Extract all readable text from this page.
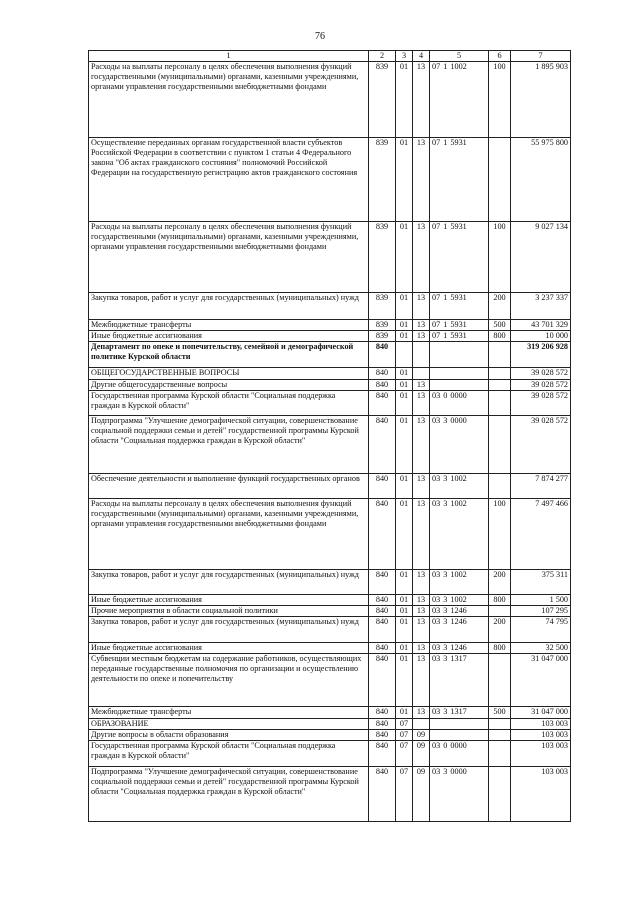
76
1	2	3	4	5	6	7
Расходы на выплаты персоналу в целях обеспечения выполнения функций государственными (муниципальными) органами, казенными учреждениями, органами управления государственными внебюджетными фондами	839	01	13	07 1 1002	100	1 895 903
Осуществление переданных органам государственной власти субъектов Российской Федерации в соответствии с пунктом 1 статьи 4 Федерального закона "Об актах гражданского состояния" полномочий Российской Федерации на государственную регистрацию актов гражданского состояния	839	01	13	07 1 5931		55 975 800
Расходы на выплаты персоналу в целях обеспечения выполнения функций государственными (муниципальными) органами, казенными учреждениями, органами управления государственными внебюджетными фондами	839	01	13	07 1 5931	100	9 027 134
Закупка товаров, работ и услуг для государственных (муниципальных) нужд	839	01	13	07 1 5931	200	3 237 337
Межбюджетные трансферты	839	01	13	07 1 5931	500	43 701 329
Иные бюджетные ассигнования	839	01	13	07 1 5931	800	10 000
Департамент по опеке и попечительству, семейной и демографической политике Курской области	840					319 206 928
ОБЩЕГОСУДАРСТВЕННЫЕ ВОПРОСЫ	840	01				39 028 572
Другие общегосударственные вопросы	840	01	13			39 028 572
Государственная программа Курской области "Социальная поддержка граждан в Курской области"	840	01	13	03 0 0000		39 028 572
Подпрограмма "Улучшение демографической ситуации, совершенствование социальной поддержки семьи и детей" государственной программы Курской области "Социальная поддержка граждан в Курской области"	840	01	13	03 3 0000		39 028 572
Обеспечение деятельности и выполнение функций государственных органов	840	01	13	03 3 1002		7 874 277
Расходы на выплаты персоналу в целях обеспечения выполнения функций государственными (муниципальными) органами, казенными учреждениями, органами управления государственными внебюджетными фондами	840	01	13	03 3 1002	100	7 497 466
Закупка товаров, работ и услуг для государственных (муниципальных) нужд	840	01	13	03 3 1002	200	375 311
Иные бюджетные ассигнования	840	01	13	03 3 1002	800	1 500
Прочие мероприятия в области социальной политики	840	01	13	03 3 1246		107 295
Закупка товаров, работ и услуг для государственных (муниципальных) нужд	840	01	13	03 3 1246	200	74 795
Иные бюджетные ассигнования	840	01	13	03 3 1246	800	32 500
Субвенции местным бюджетам на содержание работников, осуществляющих переданные государственные полномочия по организации и осуществлению деятельности по опеке и попечительству	840	01	13	03 3 1317		31 047 000
Межбюджетные трансферты	840	01	13	03 3 1317	500	31 047 000
ОБРАЗОВАНИЕ	840	07				103 003
Другие вопросы в области образования	840	07	09			103 003
Государственная программа Курской области "Социальная поддержка граждан в Курской области"	840	07	09	03 0 0000		103 003
Подпрограмма "Улучшение демографической ситуации, совершенствование социальной поддержки семьи и детей" государственной программы Курской области "Социальная поддержка граждан в Курской области"	840	07	09	03 3 0000		103 003
